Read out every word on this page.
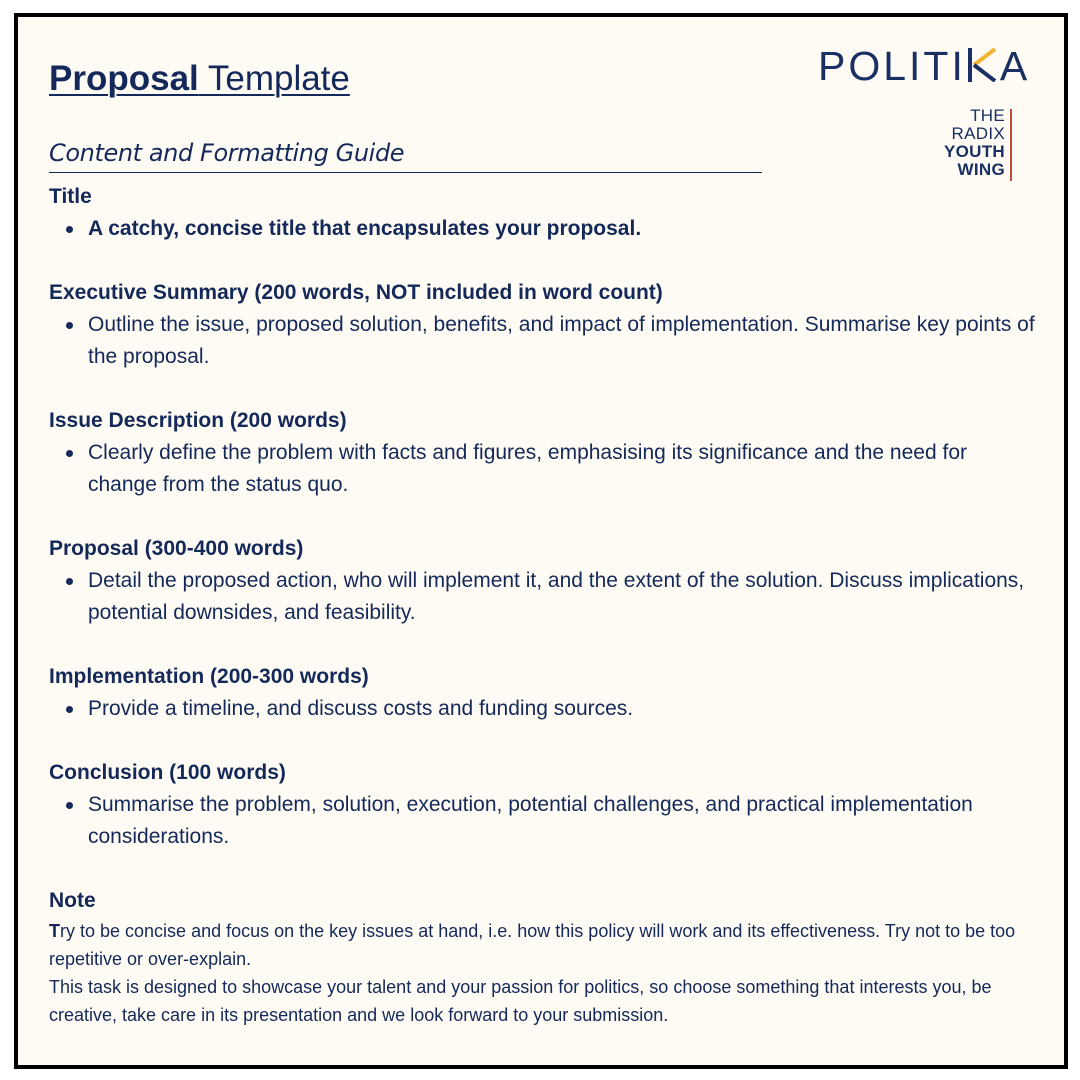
Proposal Template	POLITI A
THE
RADIX
YOUTH
WING
Content and Formatting Guide
Title
A catchy, concise title that encapsulates your proposal.
Executive Summary (200 words, NOT included in word count)
Outline the issue, proposed solution, benefits, and impact of implementation. Summarise key points of the proposal.
Issue Description (200 words)
Clearly define the problem with facts and figures, emphasising its significance and the need for change from the status quo.
Proposal (300-400 words)
Detail the proposed action, who will implement it, and the extent of the solution. Discuss implications, potential downsides, and feasibility.
Implementation (200-300 words)
Provide a timeline, and discuss costs and funding sources.
Conclusion (100 words)
Summarise the problem, solution, execution, potential challenges, and practical implementation considerations.
Note

Try to be concise and focus on the key issues at hand, i.e. how this policy will work and its effectiveness. Try not to be too repetitive or over-explain.

This task is designed to showcase your talent and your passion for politics, so choose something that interests you, be creative, take care in its presentation and we look forward to your submission.
